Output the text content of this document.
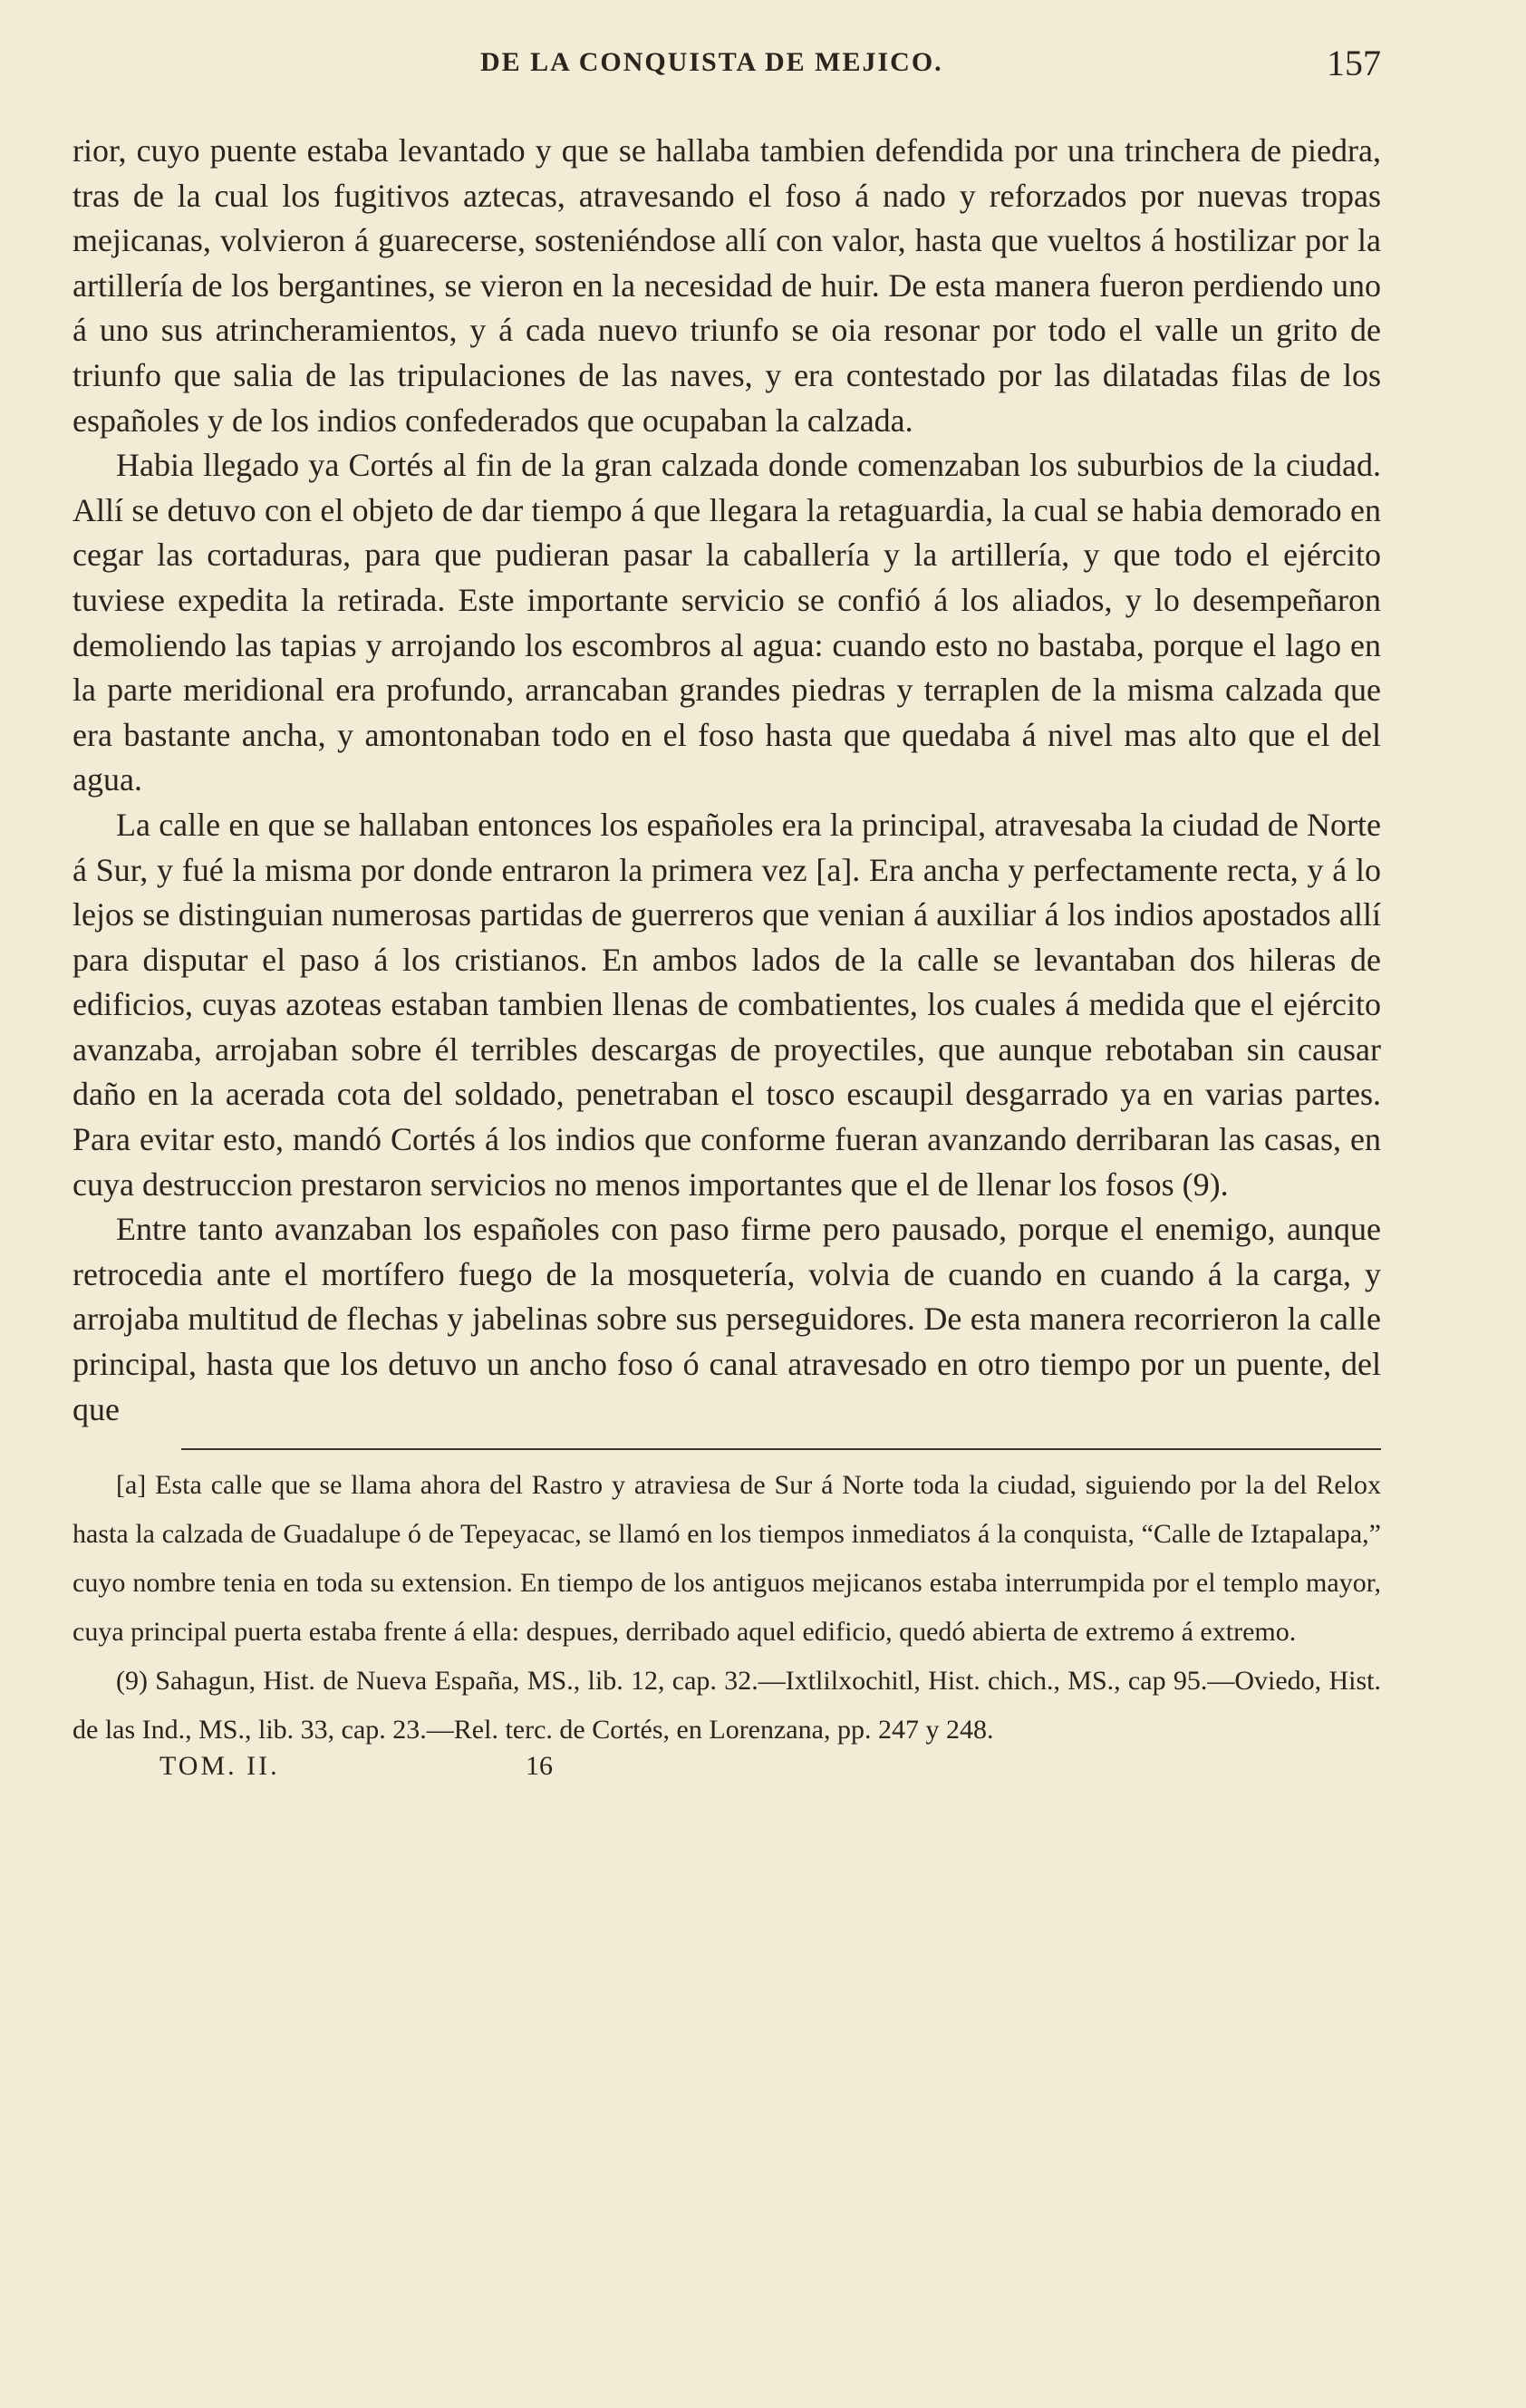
DE LA CONQUISTA DE MEJICO.	157

rior, cuyo puente estaba levantado y que se hallaba tambien defendida por una trinchera de piedra, tras de la cual los fugitivos aztecas, atravesando el foso á nado y reforzados por nuevas tropas mejicanas, volvieron á guarecerse, sosteniéndose allí con valor, hasta que vueltos á hostilizar por la artillería de los bergantines, se vieron en la necesidad de huir. De esta manera fueron perdiendo uno á uno sus atrincheramientos, y á cada nuevo triunfo se oia resonar por todo el valle un grito de triunfo que salia de las tripulaciones de las naves, y era contestado por las dilatadas filas de los españoles y de los indios confederados que ocupaban la calzada.

Habia llegado ya Cortés al fin de la gran calzada donde comenzaban los suburbios de la ciudad. Allí se detuvo con el objeto de dar tiempo á que llegara la retaguardia, la cual se habia demorado en cegar las cortaduras, para que pudieran pasar la caballería y la artillería, y que todo el ejército tuviese expedita la retirada. Este importante servicio se confió á los aliados, y lo desempeñaron demoliendo las tapias y arrojando los escombros al agua: cuando esto no bastaba, porque el lago en la parte meridional era profundo, arrancaban grandes piedras y terraplen de la misma calzada que era bastante ancha, y amontonaban todo en el foso hasta que quedaba á nivel mas alto que el del agua.

La calle en que se hallaban entonces los españoles era la principal, atravesaba la ciudad de Norte á Sur, y fué la misma por donde entraron la primera vez [a]. Era ancha y perfectamente recta, y á lo lejos se distinguian numerosas partidas de guerreros que venian á auxiliar á los indios apostados allí para disputar el paso á los cristianos. En ambos lados de la calle se levantaban dos hileras de edificios, cuyas azoteas estaban tambien llenas de combatientes, los cuales á medida que el ejército avanzaba, arrojaban sobre él terribles descargas de proyectiles, que aunque rebotaban sin causar daño en la acerada cota del soldado, penetraban el tosco escaupil desgarrado ya en varias partes. Para evitar esto, mandó Cortés á los indios que conforme fueran avanzando derribaran las casas, en cuya destruccion prestaron servicios no menos importantes que el de llenar los fosos (9).

Entre tanto avanzaban los españoles con paso firme pero pausado, porque el enemigo, aunque retrocedia ante el mortífero fuego de la mosquetería, volvia de cuando en cuando á la carga, y arrojaba multitud de flechas y jabelinas sobre sus perseguidores. De esta manera recorrieron la calle principal, hasta que los detuvo un ancho foso ó canal atravesado en otro tiempo por un puente, del que

[a] Esta calle que se llama ahora del Rastro y atraviesa de Sur á Norte toda la ciudad, siguiendo por la del Relox hasta la calzada de Guadalupe ó de Tepeyacac, se llamó en los tiempos inmediatos á la conquista, “Calle de Iztapalapa,” cuyo nombre tenia en toda su extension. En tiempo de los antiguos mejicanos estaba interrumpida por el templo mayor, cuya principal puerta estaba frente á ella: despues, derribado aquel edificio, quedó abierta de extremo á extremo.

(9) Sahagun, Hist. de Nueva España, MS., lib. 12, cap. 32.—Ixtlilxochitl, Hist. chich., MS., cap 95.—Oviedo, Hist. de las Ind., MS., lib. 33, cap. 23.—Rel. terc. de Cortés, en Lorenzana, pp. 247 y 248.

TOM. II.	16
